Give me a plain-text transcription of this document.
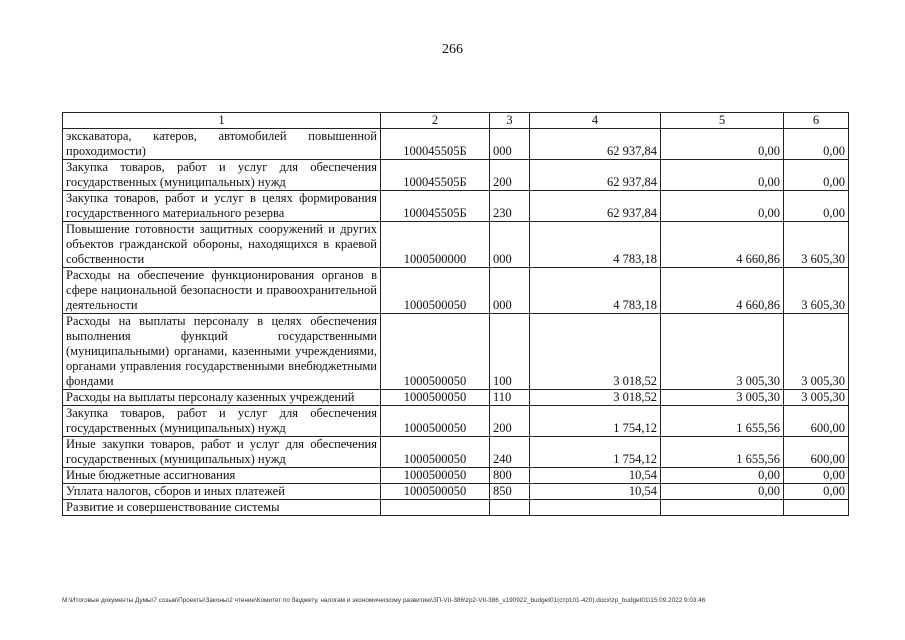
266
1	2	3	4	5	6
экскаватора, катеров, автомобилей повышенной проходимости)	100045505Б	000	62 937,84	0,00	0,00
Закупка товаров, работ и услуг для обеспечения государственных (муниципальных) нужд	100045505Б	200	62 937,84	0,00	0,00
Закупка товаров, работ и услуг в целях формирования государственного материального резерва	100045505Б	230	62 937,84	0,00	0,00
Повышение готовности защитных сооружений и других объектов гражданской обороны, находящихся в краевой собственности	1000500000	000	4 783,18	4 660,86	3 605,30
Расходы на обеспечение функционирования органов в сфере национальной безопасности и правоохранительной деятельности	1000500050	000	4 783,18	4 660,86	3 605,30
Расходы на выплаты персоналу в целях обеспечения выполнения функций государственными (муниципальными) органами, казенными учреждениями, органами управления государственными внебюджетными фондами	1000500050	100	3 018,52	3 005,30	3 005,30
Расходы на выплаты персоналу казенных учреждений	1000500050	110	3 018,52	3 005,30	3 005,30
Закупка товаров, работ и услуг для обеспечения государственных (муниципальных) нужд	1000500050	200	1 754,12	1 655,56	600,00
Иные закупки товаров, работ и услуг для обеспечения государственных (муниципальных) нужд	1000500050	240	1 754,12	1 655,56	600,00
Иные бюджетные ассигнования	1000500050	800	10,54	0,00	0,00
Уплата налогов, сборов и иных платежей	1000500050	850	10,54	0,00	0,00
Развитие и совершенствование системы					
M:\Итоговые документы Думы\7 созыв\Проекты\Законы\2 чтение\Комитет по бюджету, налогам и экономическому развитию\ЗП-VII-386\zp2-VII-386_v190922_budget01(стр101-420).docx\zp_budget01\15.09.2022 9:03:46
